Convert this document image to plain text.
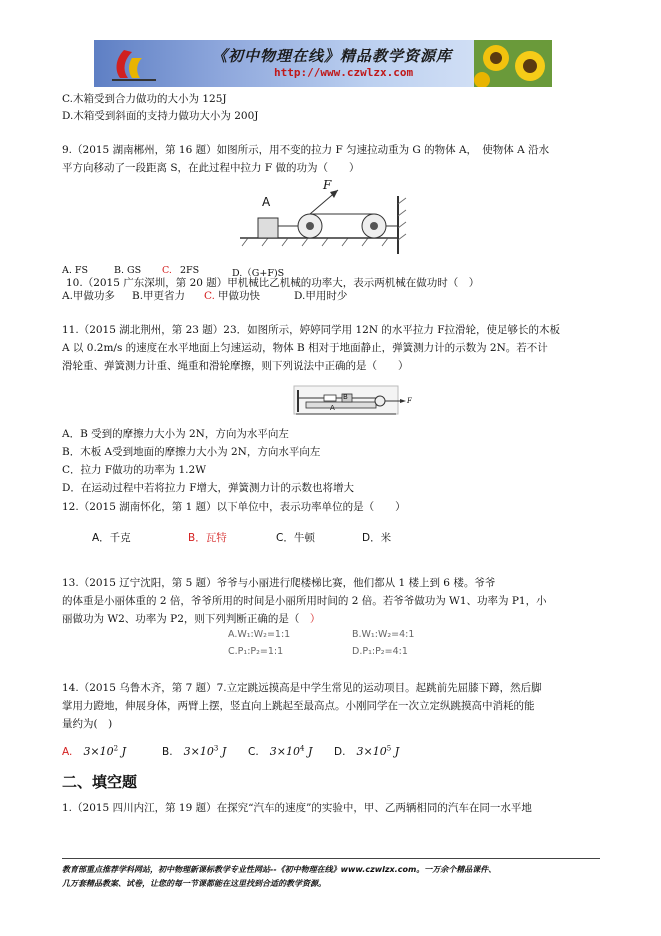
《初中物理在线》精品教学资源库
http://www.czwlzx.com
C.木箱受到合力做功的大小为 125J
D.木箱受到斜面的支持力做功大小为 200J
9.（2015 湖南郴州，第 16 题）如图所示，用不变的拉力 F 匀速拉动重为 G 的物体 A，　使物体 A 沿水
平方向移动了一段距离 S，在此过程中拉力 F 做的功为（　　）
A
F
A. FS	B. GS C. 2FS	D.（G+F)S
10.（2015 广东深圳，第 20 题）甲机械比乙机械的功率大，表示两机械在做功时（　）
A.甲做功多 B.甲更省力 C. 甲做功快	D.甲用时少
11.（2015 湖北荆州，第 23 题）23．如图所示，婷婷同学用 12N 的水平拉力 F拉滑轮，使足够长的木板
A 以 0.2m/s 的速度在水平地面上匀速运动，物体 B 相对于地面静止，弹簧测力计的示数为 2N。若不计
滑轮重、弹簧测力计重、绳重和滑轮摩擦，则下列说法中正确的是（　　）
B
A
F
A．B 受到的摩擦力大小为 2N，方向为水平向左
B．木板 A受到地面的摩擦力大小为 2N，方向水平向左
C．拉力 F做功的功率为 1.2W
D．在运动过程中若将拉力 F增大，弹簧测力计的示数也将增大
12.（2015 湖南怀化，第 1 题）以下单位中，表示功率单位的是（　　）
A．千克	B．瓦特	C．牛顿	D．米
13.（2015 辽宁沈阳，第 5 题）爷爷与小丽进行爬楼梯比赛，他们都从 1 楼上到 6 楼。爷爷
的体重是小丽体重的 2 倍，爷爷所用的时间是小丽所用时间的 2 倍。若爷爷做功为 W1、功率为 P1，小
丽做功为 W2、功率为 P2，则下列判断正确的是（　）
A.W₁:W₂=1:1	B.W₁:W₂=4:1
C.P₁:P₂=1:1	D.P₁:P₂=4:1
14.（2015 乌鲁木齐，第 7 题）7.立定跳远摸高是中学生常见的运动项目。起跳前先屈膝下蹲，然后脚
掌用力蹬地，伸展身体，两臂上摆，竖直向上跳起至最高点。小刚同学在一次立定纵跳摸高中消耗的能
量约为(　)
A. $3\times 10^2$ J	B. $3\times 10^3$ J C. $3\times 10^4$ J D. $3\times 10^5$ J
二、填空题
1.（2015 四川内江，第 19 题）在探究“汽车的速度”的实验中，甲、乙两辆相同的汽车在同一水平地
教育部重点推荐学科网站，初中物理新课标教学专业性网站--《初中物理在线》www.czwlzx.com。一万余个精品课件、
几万套精品教案、试卷，让您的每一节课都能在这里找到合适的教学资源。
